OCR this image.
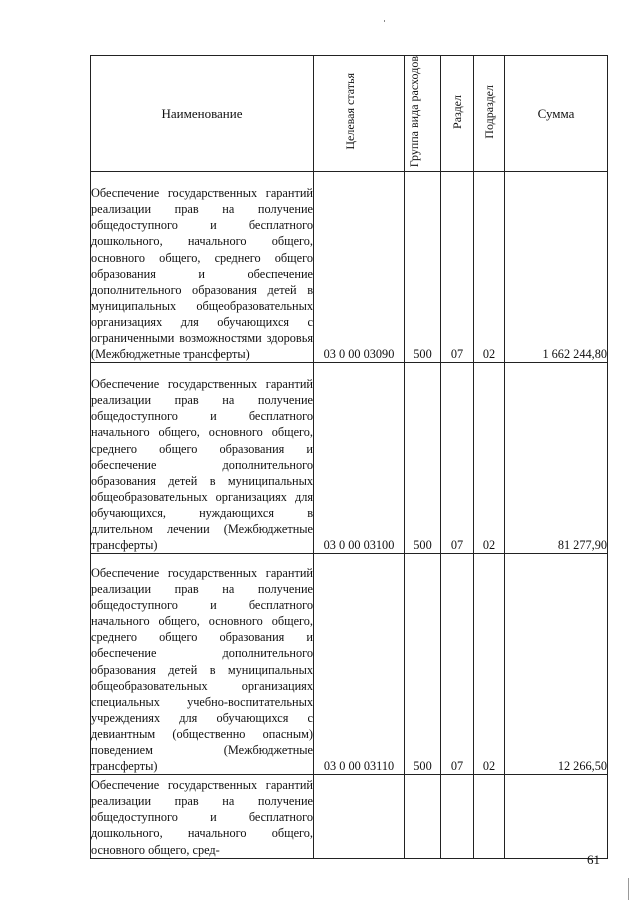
Наименование	Целевая статья	Группа вида расходов	Раздел	Подраздел	Сумма
Обеспечение государственных гарантий реализации прав на получение общедоступного и бесплатного дошкольного, начального общего, основного общего, среднего общего образования и обеспечение дополнительного образования детей в муниципальных общеобразовательных организациях для обучающихся с ограниченными возможностями здоровья (Межбюджетные трансферты)	03 0 00 03090	500	07	02	1 662 244,80
Обеспечение государственных гарантий реализации прав на получение общедоступного и бесплатного начального общего, основного общего, среднего общего образования и обеспечение дополнительного образования детей в муниципальных общеобразовательных организациях для обучающихся, нуждающихся в длительном лечении (Межбюджетные трансферты)	03 0 00 03100	500	07	02	81 277,90
Обеспечение государственных гарантий реализации прав на получение общедоступного и бесплатного начального общего, основного общего, среднего общего образования и обеспечение дополнительного образования детей в муниципальных общеобразовательных организациях специальных учебно-воспитательных учреждениях для обучающихся с девиантным (общественно опасным) поведением (Межбюджетные трансферты)	03 0 00 03110	500	07	02	12 266,50
Обеспечение государственных гарантий реализации прав на получение общедоступного и бесплатного дошкольного, начального общего, основного общего, сред-					
61
